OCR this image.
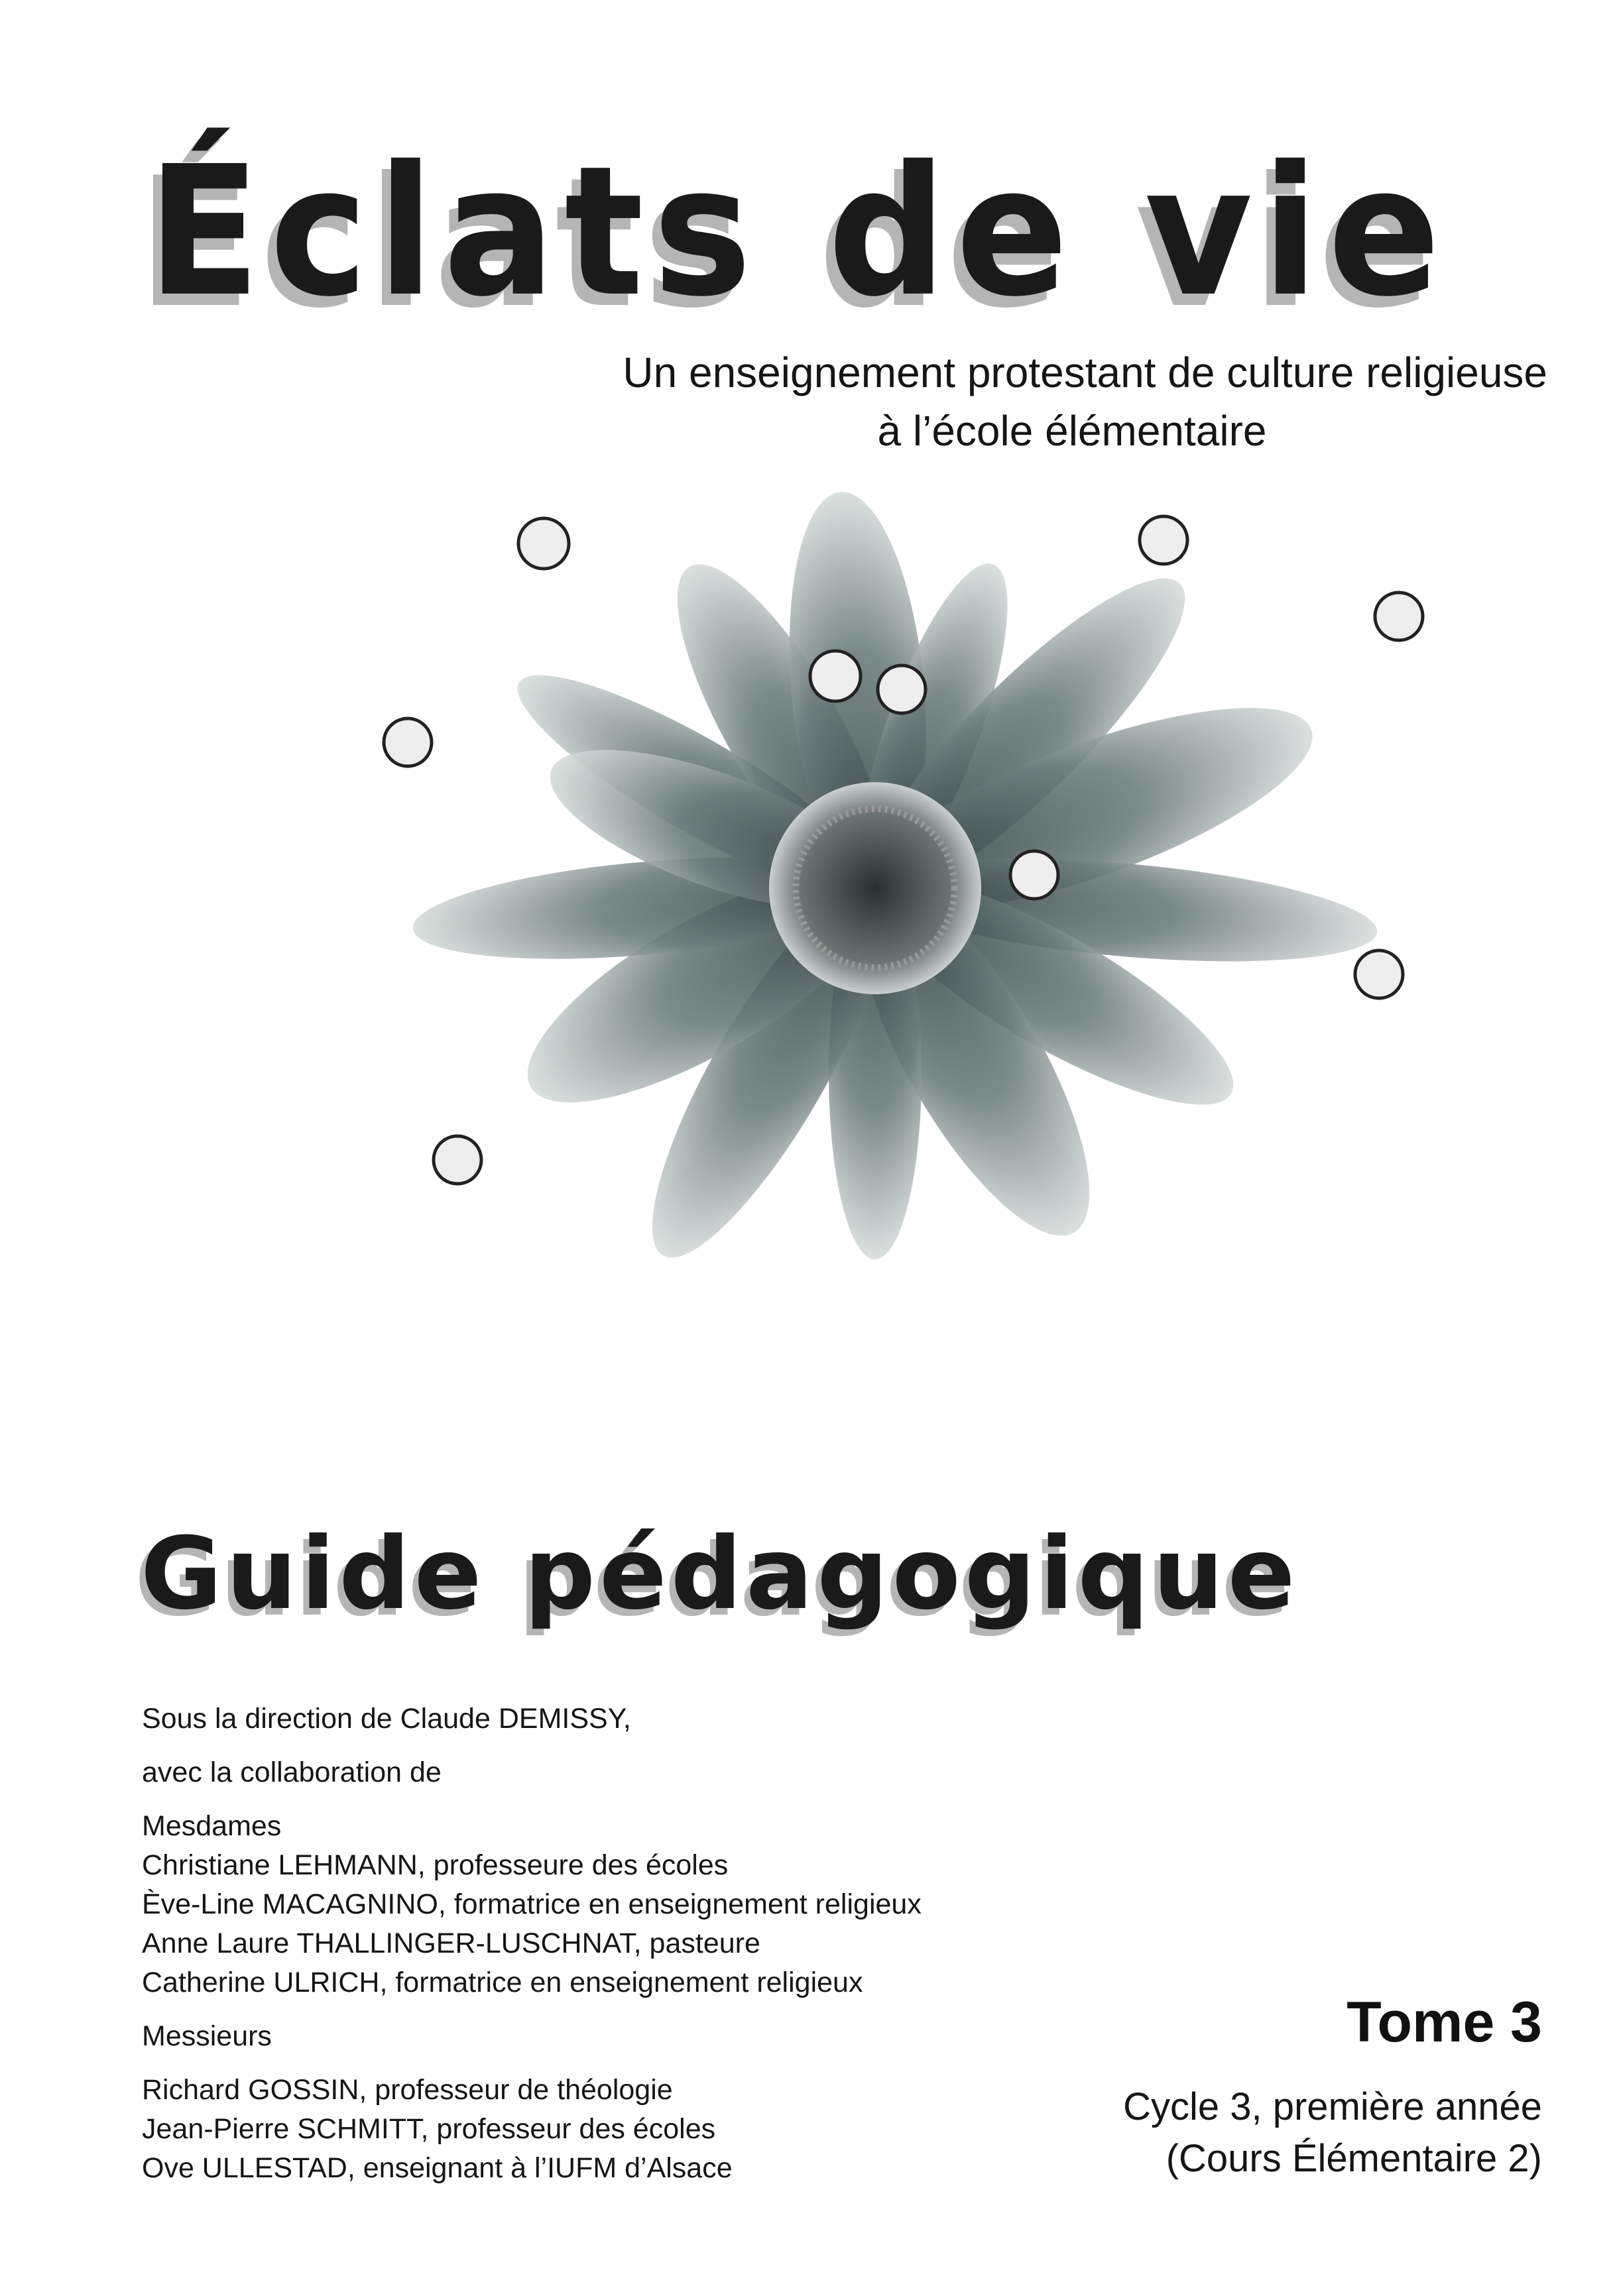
Éclats de vie
Un enseignement protestant de culture religieuse
à l’école élémentaire
Guide pédagogique
Sous la direction de Claude DEMISSY,
avec la collaboration de
Mesdames
Christiane LEHMANN, professeure des écoles
Ève-Line MACAGNINO, formatrice en enseignement religieux
Anne Laure THALLINGER-LUSCHNAT, pasteure
Catherine ULRICH, formatrice en enseignement religieux
Messieurs
Richard GOSSIN, professeur de théologie
Jean-Pierre SCHMITT, professeur des écoles
Ove ULLESTAD, enseignant à l’IUFM d’Alsace
Tome 3
Cycle 3, première année
(Cours Élémentaire 2)
